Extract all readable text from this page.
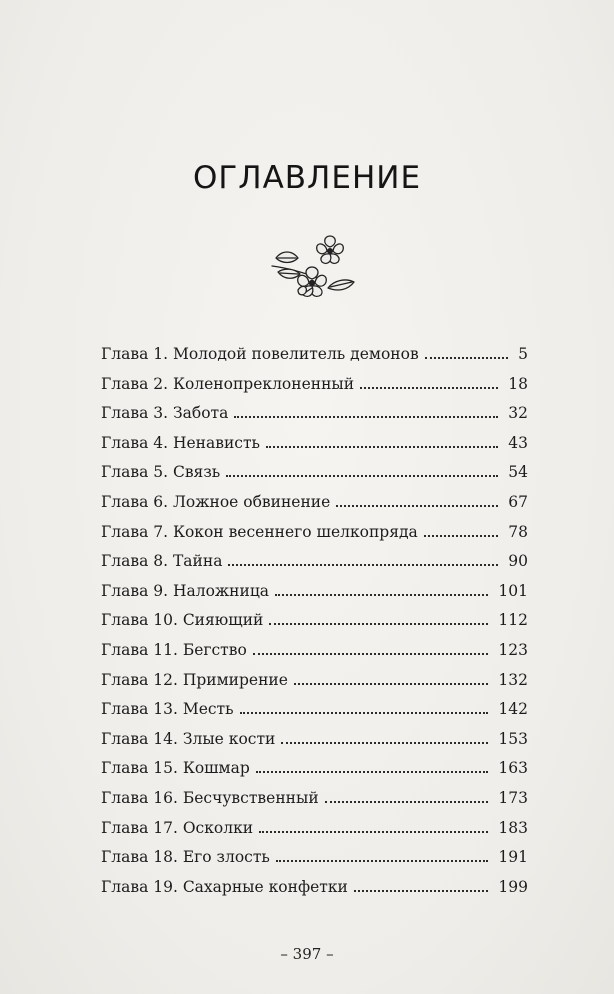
ОГЛАВЛЕНИЕ
Глава 1. Молодой повелитель демонов	5
Глава 2. Коленопреклоненный	18
Глава 3. Забота	32
Глава 4. Ненависть	43
Глава 5. Связь	54
Глава 6. Ложное обвинение	67
Глава 7. Кокон весеннего шелкопряда	78
Глава 8. Тайна	90
Глава 9. Наложница	101
Глава 10. Сияющий	112
Глава 11. Бегство	123
Глава 12. Примирение	132
Глава 13. Месть	142
Глава 14. Злые кости	153
Глава 15. Кошмар	163
Глава 16. Бесчувственный	173
Глава 17. Осколки	183
Глава 18. Его злость	191
Глава 19. Сахарные конфетки	199
– 397 –
